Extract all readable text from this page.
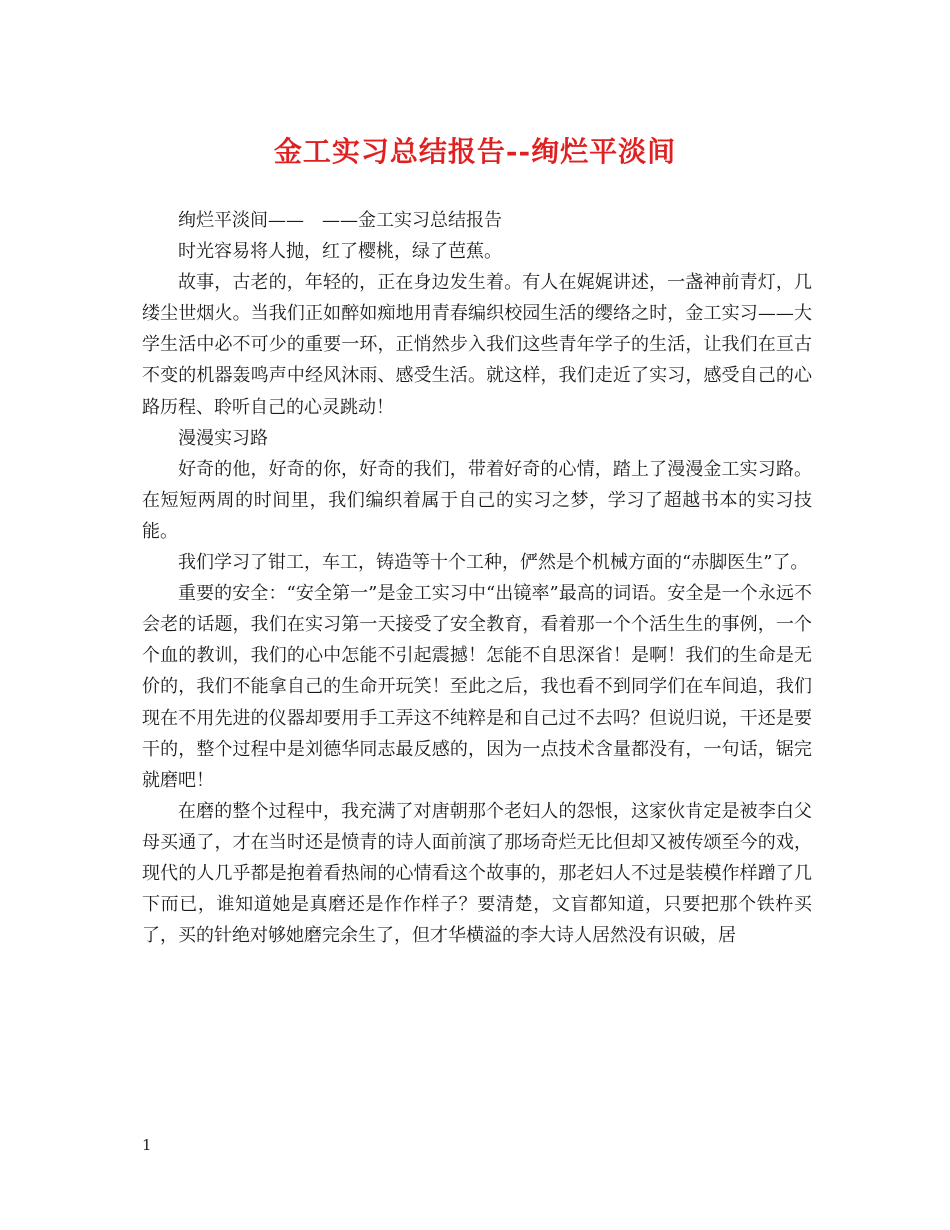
金工实习总结报告--绚烂平淡间

绚烂平淡间——　——金工实习总结报告

时光容易将人抛，红了樱桃，绿了芭蕉。

故事，古老的，年轻的，正在身边发生着。有人在娓娓讲述，一盏神前青灯，几缕尘世烟火。当我们正如醉如痴地用青春编织校园生活的缨络之时，金工实习——大学生活中必不可少的重要一环，正悄然步入我们这些青年学子的生活，让我们在亘古不变的机器轰鸣声中经风沐雨、感受生活。就这样，我们走近了实习，感受自己的心路历程、聆听自己的心灵跳动！

漫漫实习路

好奇的他，好奇的你，好奇的我们，带着好奇的心情，踏上了漫漫金工实习路。在短短两周的时间里，我们编织着属于自己的实习之梦，学习了超越书本的实习技能。

我们学习了钳工，车工，铸造等十个工种，俨然是个机械方面的“赤脚医生”了。

重要的安全：“安全第一”是金工实习中“出镜率”最高的词语。安全是一个永远不会老的话题，我们在实习第一天接受了安全教育，看着那一个个活生生的事例，一个个血的教训，我们的心中怎能不引起震撼！怎能不自思深省！是啊！我们的生命是无价的，我们不能拿自己的生命开玩笑！至此之后，我也看不到同学们在车间追，我们现在不用先进的仪器却要用手工弄这不纯粹是和自己过不去吗？但说归说，干还是要干的，整个过程中是刘德华同志最反感的，因为一点技术含量都没有，一句话，锯完就磨吧！

在磨的整个过程中，我充满了对唐朝那个老妇人的怨恨，这家伙肯定是被李白父母买通了，才在当时还是愤青的诗人面前演了那场奇烂无比但却又被传颂至今的戏，现代的人几乎都是抱着看热闹的心情看这个故事的，那老妇人不过是装模作样蹭了几下而已，谁知道她是真磨还是作作样子？要清楚，文盲都知道，只要把那个铁杵买了，买的针绝对够她磨完余生了，但才华横溢的李大诗人居然没有识破，居

1
